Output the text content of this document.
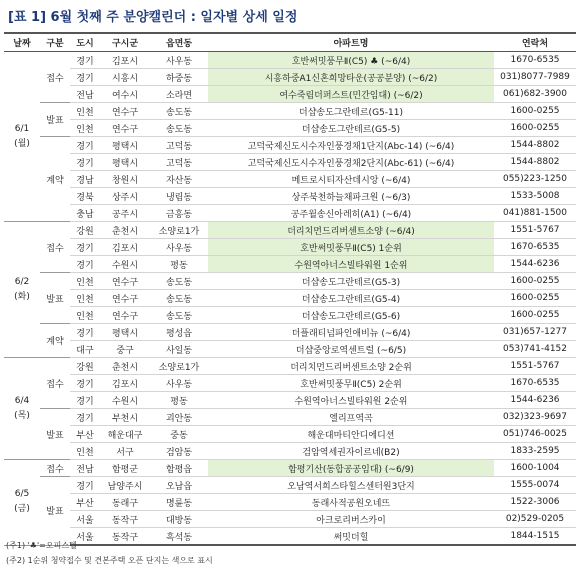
[표 1] 6월 첫째 주 분양캘린더 : 일자별 상세 일정
날짜	구분	도시	구시군	읍면동	아파트명	연락처
6/1
(월)	접수	경기	김포시	사우동	호반써밋풍무Ⅱ(C5) ♣ (~6/4)	1670-6535
		경기	시흥시	하중동	시흥하중A1신혼희망타운(공공분양) (~6/2)	031)8077-7989
		전남	여수시	소라면	여수죽림더퍼스트(민간임대) (~6/2)	061)682-3900
	발표	인천	연수구	송도동	더샵송도그란테르(G5-11)	1600-0255
		인천	연수구	송도동	더샵송도그란테르(G5-5)	1600-0255
	계약	경기	평택시	고덕동	고덕국제신도시수자인풍경채1단지(Abc-14) (~6/4)	1544-8802
		경기	평택시	고덕동	고덕국제신도시수자인풍경채2단지(Abc-61) (~6/4)	1544-8802
		경남	창원시	자산동	메트로시티자산데시앙 (~6/4)	055)223-1250
		경북	상주시	냉림동	상주북천하늘채파크원 (~6/3)	1533-5008
		충남	공주시	금흥동	공주월송신아레히(A1) (~6/4)	041)881-1500
6/2
(화)	접수	강원	춘천시	소양로1가	더리치먼드리버센트소양 (~6/4)	1551-5767
		경기	김포시	사우동	호반써밋풍무Ⅱ(C5) 1순위	1670-6535
		경기	수원시	평동	수원역아너스빌타워원 1순위	1544-6236
	발표	인천	연수구	송도동	더샵송도그란테르(G5-3)	1600-0255
		인천	연수구	송도동	더샵송도그란테르(G5-4)	1600-0255
		인천	연수구	송도동	더샵송도그란테르(G5-6)	1600-0255
	계약	경기	평택시	평성읍	더플래티넘파인애비뉴 (~6/4)	031)657-1277
		대구	중구	사일동	더샵중앙로역센트럴 (~6/5)	053)741-4152
6/4
(목)	접수	강원	춘천시	소양로1가	더리치먼드리버센트소양 2순위	1551-5767
		경기	김포시	사우동	호반써밋풍무Ⅱ(C5) 2순위	1670-6535
		경기	수원시	평동	수원역아너스빌타워원 2순위	1544-6236
	발표	경기	부천시	괴안동	엘리프역곡	032)323-9697
		부산	해운대구	중동	해운대마티안디에디션	051)746-0025
		인천	서구	검암동	검암역세권자이르네(B2)	1833-2595
6/5
(금)	접수	전남	함평군	함평읍	함평기산(동합공공임대) (~6/9)	1600-1004
	발표	경기	남양주시	오남읍	오남역서희스타힐스센터원3단지	1555-0074
		부산	동래구	명륜동	동래사적공원오네뜨	1522-3006
		서울	동작구	대방동	아크로리버스카이	02)529-0205
		서울	동작구	흑석동	써밋더힐	1844-1515
(주1) '♣'=오피스텔
(주2) 1순위 청약접수 및 견본주택 오픈 단지는 색으로 표시
